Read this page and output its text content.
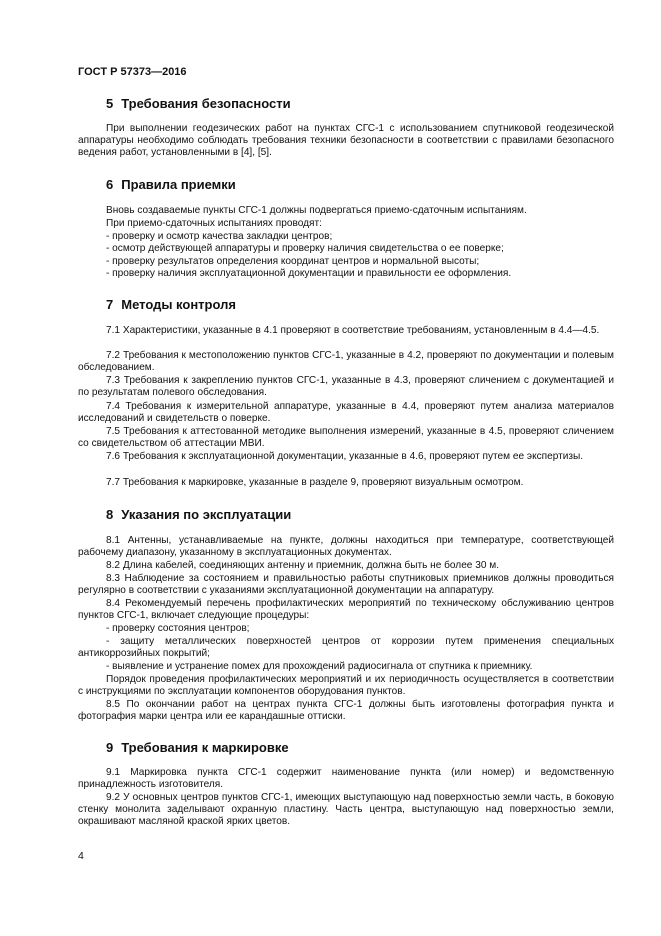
ГОСТ Р 57373—2016
5 Требования безопасности
При выполнении геодезических работ на пунктах СГС-1 с использованием спутниковой геодезической аппаратуры необходимо соблюдать требования техники безопасности в соответствии с правилами безопасного ведения работ, установленными в [4], [5].
6 Правила приемки
Вновь создаваемые пункты СГС-1 должны подвергаться приемо-сдаточным испытаниям.
При приемо-сдаточных испытаниях проводят:
- проверку и осмотр качества закладки центров;
- осмотр действующей аппаратуры и проверку наличия свидетельства о ее поверке;
- проверку результатов определения координат центров и нормальной высоты;
- проверку наличия эксплуатационной документации и правильности ее оформления.
7 Методы контроля
7.1 Характеристики, указанные в 4.1 проверяют в соответствие требованиям, установленным в 4.4—4.5.
7.2 Требования к местоположению пунктов СГС-1, указанные в 4.2, проверяют по документации и полевым обследованием.
7.3 Требования к закреплению пунктов СГС-1, указанные в 4.3, проверяют сличением с документацией и по результатам полевого обследования.
7.4 Требования к измерительной аппаратуре, указанные в 4.4, проверяют путем анализа материалов исследований и свидетельств о поверке.
7.5 Требования к аттестованной методике выполнения измерений, указанные в 4.5, проверяют сличением со свидетельством об аттестации МВИ.
7.6 Требования к эксплуатационной документации, указанные в 4.6, проверяют путем ее экспертизы.
7.7 Требования к маркировке, указанные в разделе 9, проверяют визуальным осмотром.
8 Указания по эксплуатации
8.1 Антенны, устанавливаемые на пункте, должны находиться при температуре, соответствующей рабочему диапазону, указанному в эксплуатационных документах.
8.2 Длина кабелей, соединяющих антенну и приемник, должна быть не более 30 м.
8.3 Наблюдение за состоянием и правильностью работы спутниковых приемников должны проводиться регулярно в соответствии с указаниями эксплуатационной документации на аппаратуру.
8.4 Рекомендуемый перечень профилактических мероприятий по техническому обслуживанию центров пунктов СГС-1, включает следующие процедуры:
- проверку состояния центров;
- защиту металлических поверхностей центров от коррозии путем применения специальных антикоррозийных покрытий;
- выявление и устранение помех для прохождений радиосигнала от спутника к приемнику.
Порядок проведения профилактических мероприятий и их периодичность осуществляется в соответствии с инструкциями по эксплуатации компонентов оборудования пунктов.
8.5 По окончании работ на центрах пункта СГС-1 должны быть изготовлены фотография пункта и фотография марки центра или ее карандашные оттиски.
9 Требования к маркировке
9.1 Маркировка пункта СГС-1 содержит наименование пункта (или номер) и ведомственную принадлежность изготовителя.
9.2 У основных центров пунктов СГС-1, имеющих выступающую над поверхностью земли часть, в боковую стенку монолита заделывают охранную пластину. Часть центра, выступающую над поверхностью земли, окрашивают масляной краской ярких цветов.
4
